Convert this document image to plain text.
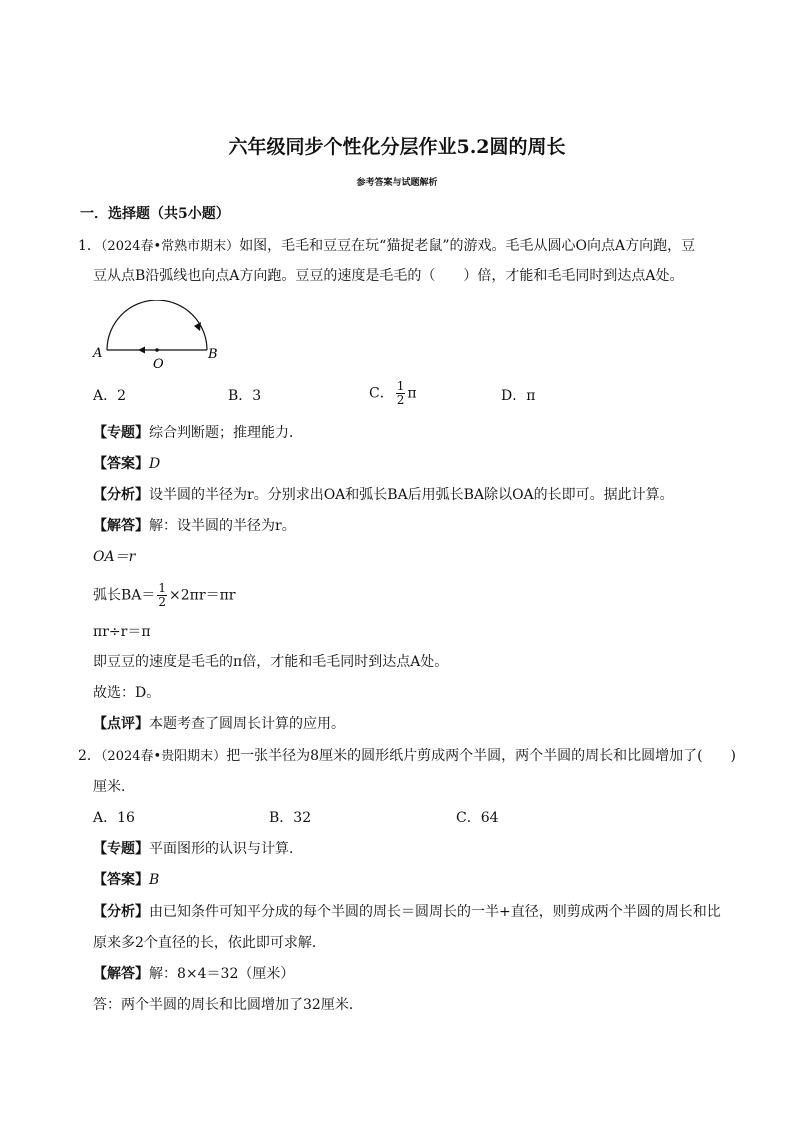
六年级同步个性化分层作业5.2圆的周长
参考答案与试题解析
一．选择题（共5小题）
1．（2024春•常熟市期末）如图，毛毛和豆豆在玩“猫捉老鼠”的游戏。毛毛从圆心O向点A方向跑，豆
豆从点B沿弧线也向点A方向跑。豆豆的速度是毛毛的（　　）倍，才能和毛毛同时到达点A处。
A
O
B
A．2	B．3	C． $\frac{1}{2}$ π	D．π
【专题】综合判断题；推理能力．
【答案】D
【分析】设半圆的半径为r。分别求出OA和弧长BA后用弧长BA除以OA的长即可。据此计算。
【解答】解：设半圆的半径为r。
OA＝r
弧长$BA= \frac{1}{2} \times 2\pi r=\pi r$
πr÷r＝π
即豆豆的速度是毛毛的π倍，才能和毛毛同时到达点A处。
故选：D。
【点评】本题考查了圆周长计算的应用。
2．（2024春•贵阳期末）把一张半径为8厘米的圆形纸片剪成两个半圆，两个半圆的周长和比圆增加了(　　)
厘米．
A．16	B．32	C．64
【专题】平面图形的认识与计算．
【答案】B
【分析】由已知条件可知平分成的每个半圆的周长＝圆周长的一半+直径，则剪成两个半圆的周长和比
原来多2个直径的长，依此即可求解．
【解答】解：8×4＝32（厘米）
答：两个半圆的周长和比圆增加了32厘米．
